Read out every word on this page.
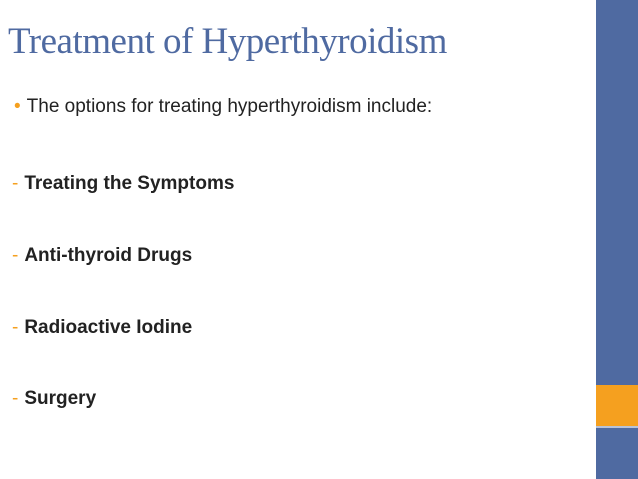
Treatment of Hyperthyroidism
• The options for treating hyperthyroidism include:
- Treating the Symptoms
- Anti-thyroid Drugs
- Radioactive Iodine
- Surgery
